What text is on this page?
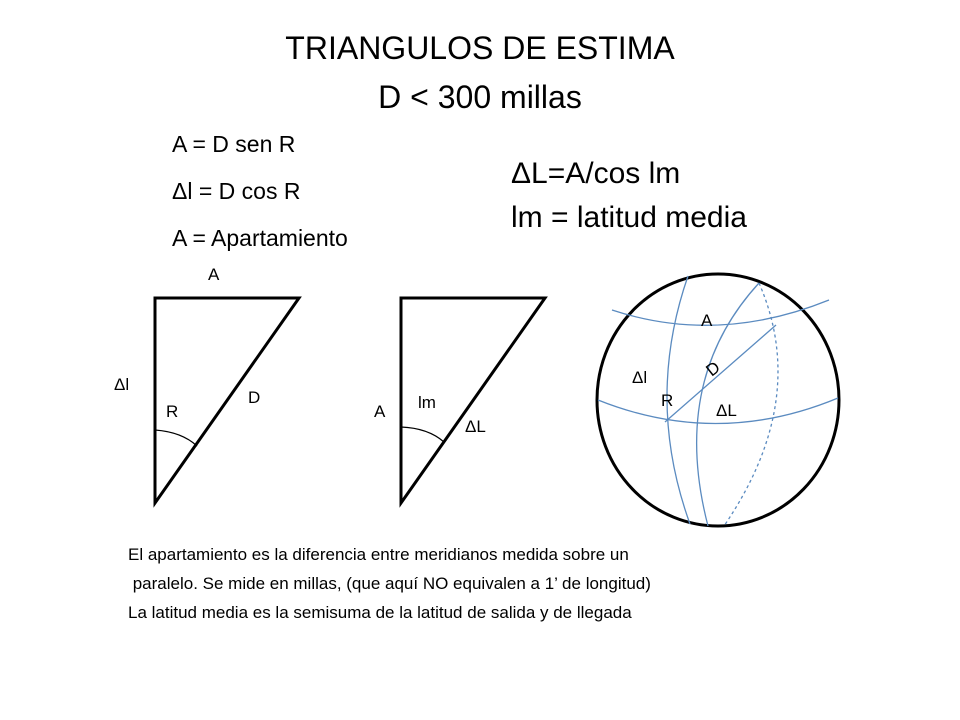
TRIANGULOS DE ESTIMA
D < 300 millas
A = D sen R
Δl = D cos R
A = Apartamiento
ΔL=A/cos lm
lm = latitud media
A
Δl
R
D
A lm
ΔL
A
Δl	D
R
ΔL
El apartamiento es la diferencia entre meridianos medida sobre un
paralelo. Se mide en millas, (que aquí NO equivalen a 1’ de longitud)
La latitud media es la semisuma de la latitud de salida y de llegada
